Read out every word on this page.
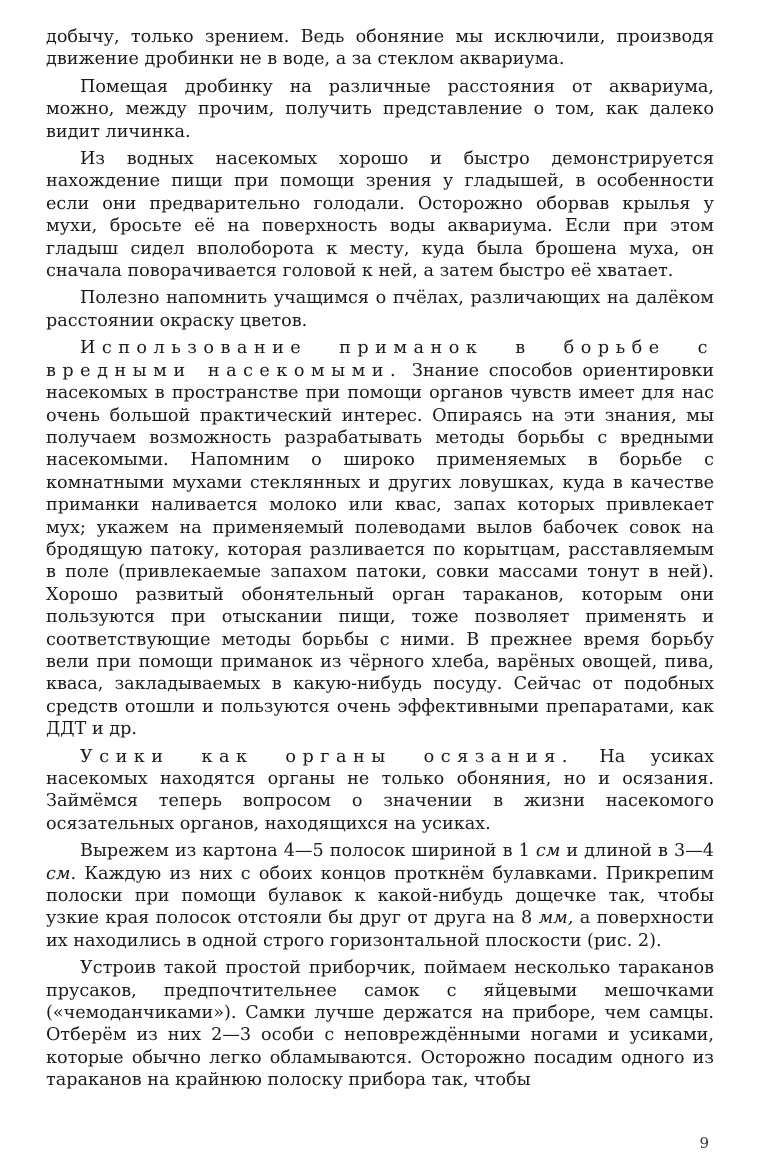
добычу, только зрением. Ведь обоняние мы исключили, производя движение дробинки не в воде, а за стеклом аквариума.

Помещая дробинку на различные расстояния от аквариума, можно, между прочим, получить представление о том, как далеко видит личинка.

Из водных насекомых хорошо и быстро демонстрируется нахождение пищи при помощи зрения у гладышей, в особенности если они предварительно голодали. Осторожно оборвав крылья у мухи, бросьте её на поверхность воды аквариума. Если при этом гладыш сидел вполоборота к месту, куда была брошена муха, он сначала поворачивается головой к ней, а затем быстро её хватает.

Полезно напомнить учащимся о пчёлах, различающих на далёком расстоянии окраску цветов.

Использование приманок в борьбе с вредными насекомыми. Знание способов ориентировки насекомых в пространстве при помощи органов чувств имеет для нас очень большой практический интерес. Опираясь на эти знания, мы получаем возможность разрабатывать методы борьбы с вредными насекомыми. Напомним о широко применяемых в борьбе с комнатными мухами стеклянных и других ловушках, куда в качестве приманки наливается молоко или квас, запах которых привлекает мух; укажем на применяемый полеводами вылов бабочек совок на бродящую патоку, которая разливается по корытцам, расставляемым в поле (привлекаемые запахом патоки, совки массами тонут в ней). Хорошо развитый обонятельный орган тараканов, которым они пользуются при отыскании пищи, тоже позволяет применять и соответствующие методы борьбы с ними. В прежнее время борьбу вели при помощи приманок из чёрного хлеба, варёных овощей, пива, кваса, закладываемых в какую-нибудь посуду. Сейчас от подобных средств отошли и пользуются очень эффективными препаратами, как ДДТ и др.

Усики как органы осязания. На усиках насекомых находятся органы не только обоняния, но и осязания. Займёмся теперь вопросом о значении в жизни насекомого осязательных органов, находящихся на усиках.

Вырежем из картона 4—5 полосок шириной в 1 см и длиной в 3—4 см. Каждую из них с обоих концов проткнём булавками. Прикрепим полоски при помощи булавок к какой-нибудь дощечке так, чтобы узкие края полосок отстояли бы друг от друга на 8 мм, а поверхности их находились в одной строго горизонтальной плоскости (рис. 2).

Устроив такой простой приборчик, поймаем несколько тараканов прусаков, предпочтительнее самок с яйцевыми мешочками («чемоданчиками»). Самки лучше держатся на приборе, чем самцы. Отберём из них 2—3 особи с неповреждёнными ногами и усиками, которые обычно легко обламываются. Осторожно посадим одного из тараканов на крайнюю полоску прибора так, чтобы

9
